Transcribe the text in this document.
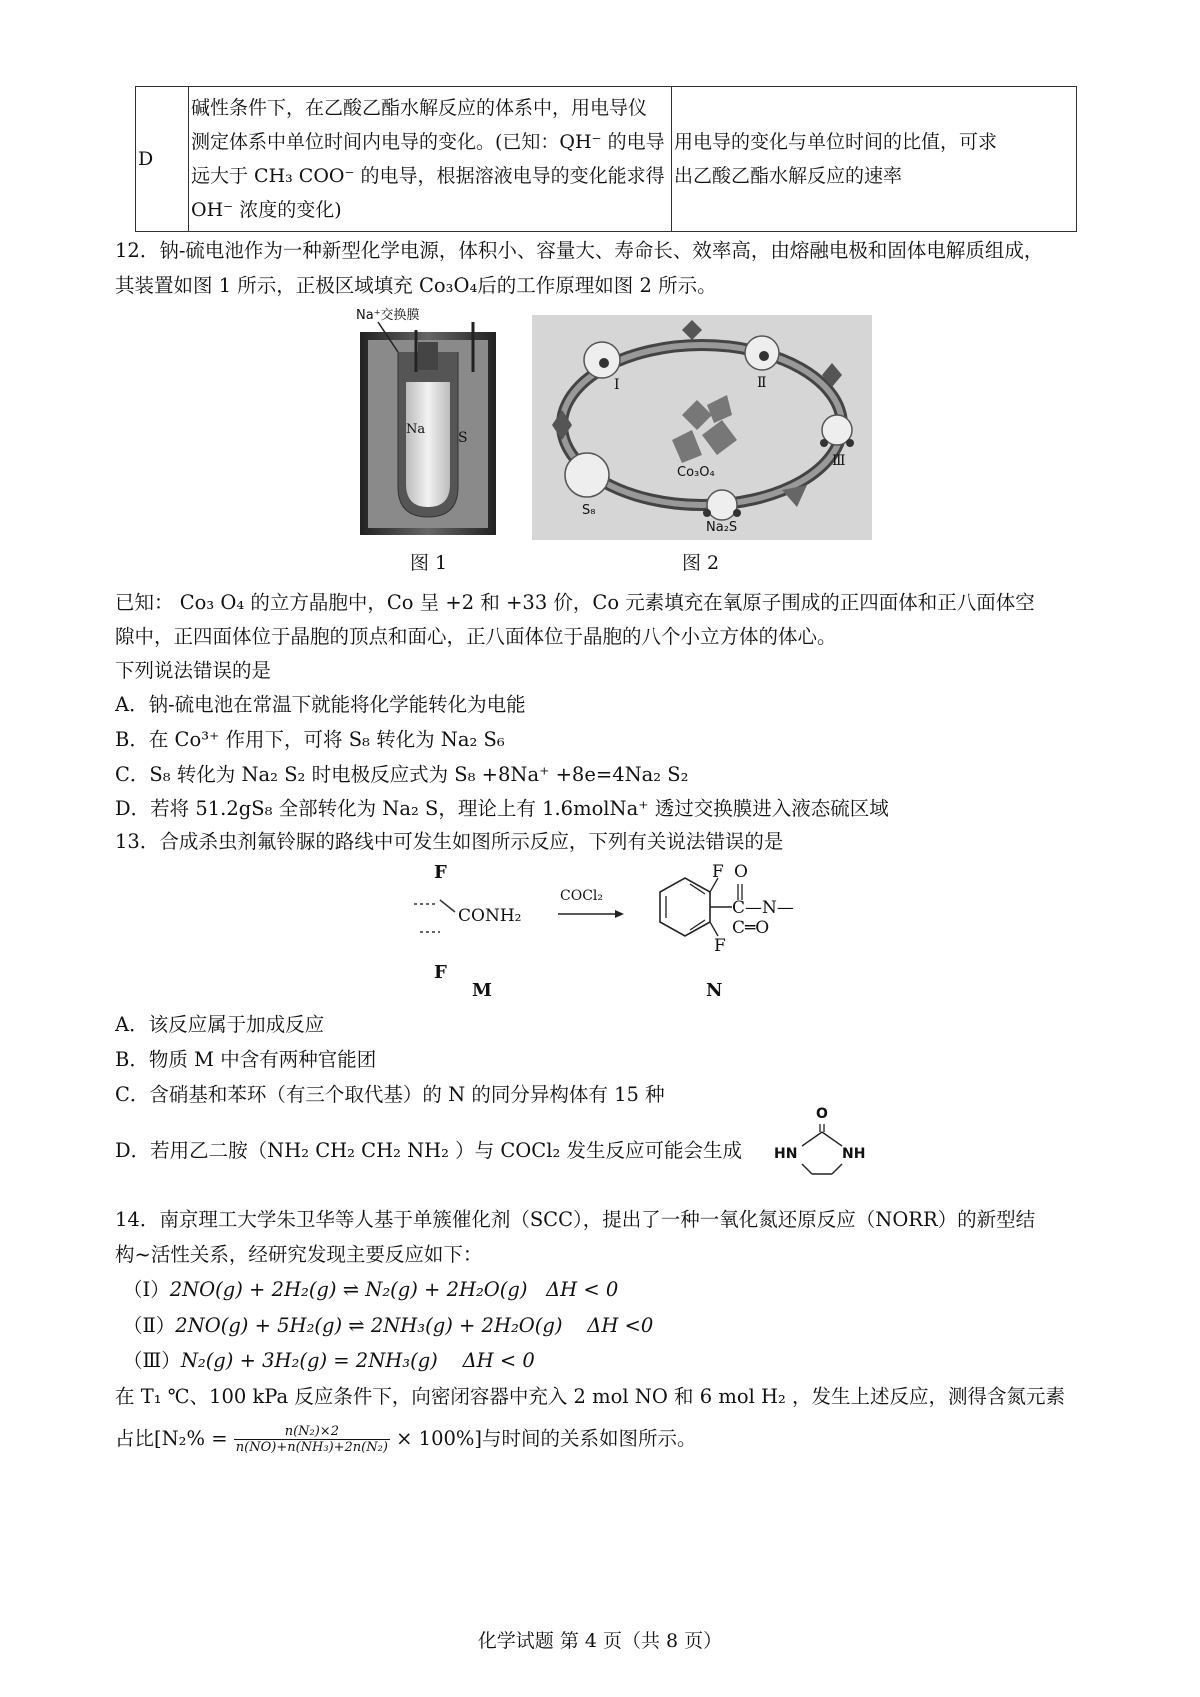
D	
碱性条件下，在乙酸乙酯水解反应的体系中，用电导仪
测定体系中单位时间内电导的变化。(已知：QH⁻ 的电导
远大于 CH₃ COO⁻ 的电导，根据溶液电导的变化能求得
OH⁻ 浓度的变化)

用电导的变化与单位时间的比值，可求
出乙酸乙酯水解反应的速率
12．钠-硫电池作为一种新型化学电源，体积小、容量大、寿命长、效率高，由熔融电极和固体电解质组成，
其装置如图 1 所示，正极区域填充 Co₃O₄后的工作原理如图 2 所示。
Na⁺交换膜
Na
S
图 1
I	Ⅱ
Ⅲ
Co₃O₄
S₈
Na₂S
图 2
已知： Co₃ O₄ 的立方晶胞中，Co 呈 +2 和 +33 价，Co 元素填充在氧原子围成的正四面体和正八面体空
隙中，正四面体位于晶胞的顶点和面心，正八面体位于晶胞的八个小立方体的体心。
下列说法错误的是
A．钠-硫电池在常温下就能将化学能转化为电能
B．在 Co³⁺ 作用下，可将 S₈ 转化为 Na₂ S₆
C．S₈ 转化为 Na₂ S₂ 时电极反应式为 S₈ +8Na⁺ +8e=4Na₂ S₂
D．若将 51.2gS₈ 全部转化为 Na₂ S，理论上有 1.6molNa⁺ 透过交换膜进入液态硫区域
13．合成杀虫剂氟铃脲的路线中可发生如图所示反应，下列有关说法错误的是
F
F
CONH₂
COCl₂
F O
C—N—C═O
F
M	N
A．该反应属于加成反应
B．物质 M 中含有两种官能团
C．含硝基和苯环（有三个取代基）的 N 的同分异构体有 15 种
D．若用乙二胺（NH₂ CH₂ CH₂ NH₂ ）与 COCl₂ 发生反应可能会生成
O
HN	NH
14．南京理工大学朱卫华等人基于单簇催化剂（SCC），提出了一种一氧化氮还原反应（NORR）的新型结
构~活性关系，经研究发现主要反应如下：
（Ⅰ）2NO(g) + 2H₂(g) ⇌ N₂(g) + 2H₂O(g) ΔH < 0
（Ⅱ）2NO(g) + 5H₂(g) ⇌ 2NH₃(g) + 2H₂O(g) ΔH <0
（Ⅲ）N₂(g) + 3H₂(g) = 2NH₃(g) ΔH < 0
在 T₁ ℃、100 kPa 反应条件下，向密闭容器中充入 2 mol NO 和 6 mol H₂ ，发生上述反应，测得含氮元素
占比$[N_2\% = \frac{\text{n(N₂)×2}}{\text{n(NO)+n(NH₃)+2n(N₂)}} \times 100\%]$与时间的关系如图所示。
化学试题 第 4 页（共 8 页）
